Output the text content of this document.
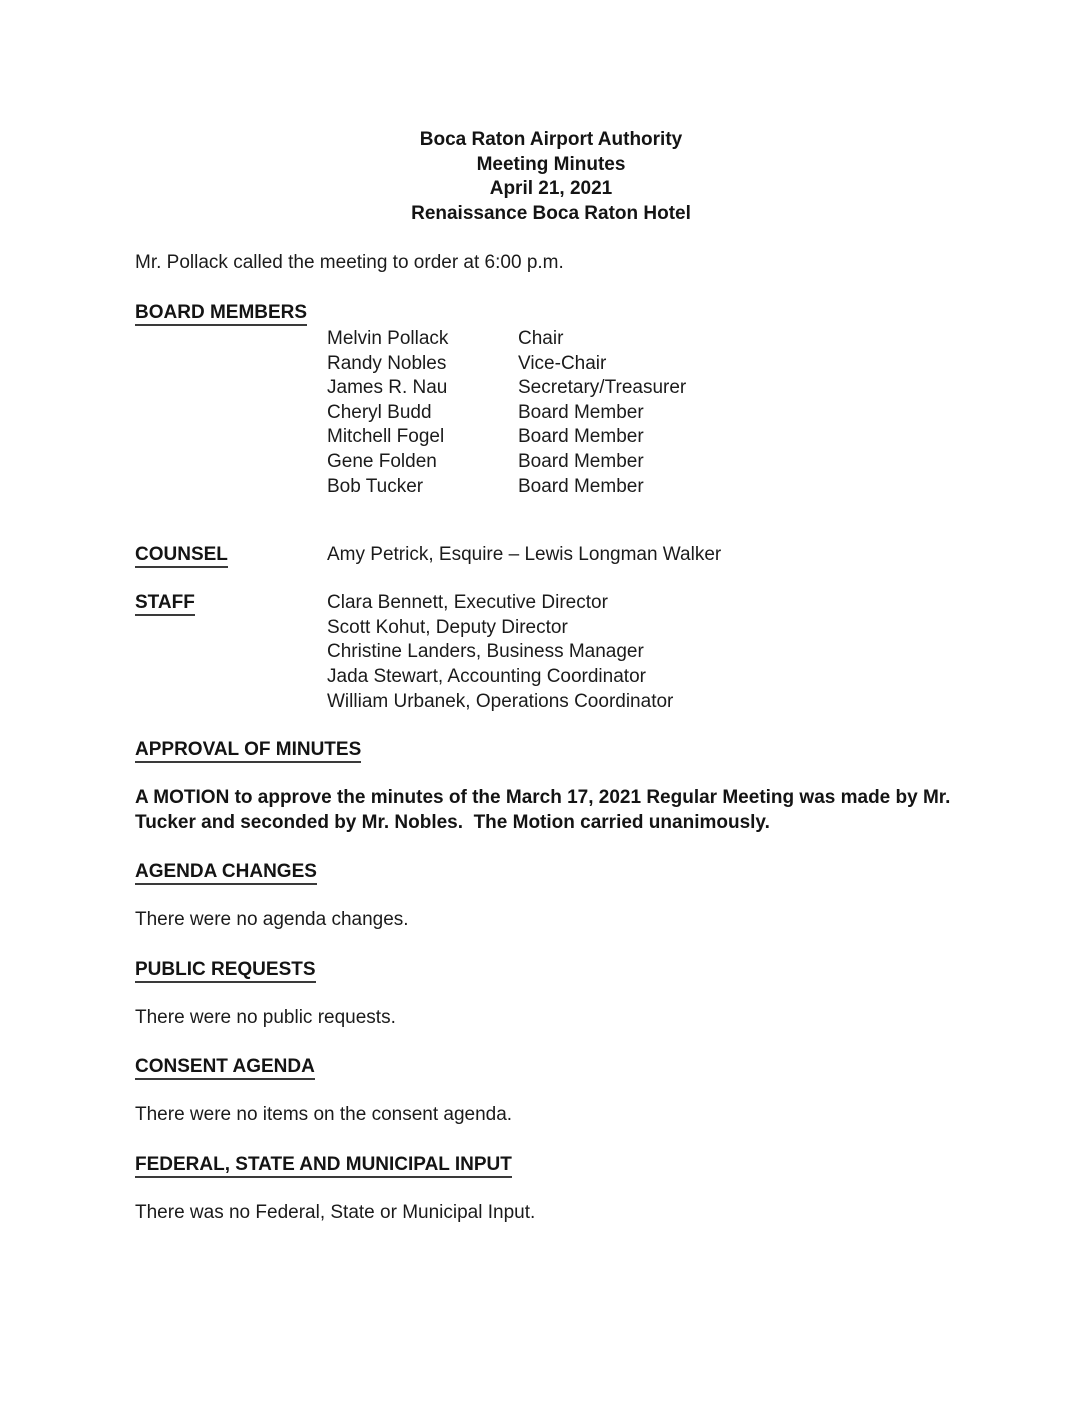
Boca Raton Airport Authority
Meeting Minutes
April 21, 2021
Renaissance Boca Raton Hotel

Mr. Pollack called the meeting to order at 6:00 p.m.

BOARD MEMBERS
Melvin Pollack	Chair
Randy Nobles	Vice-Chair
James R. Nau	Secretary/Treasurer
Cheryl Budd	Board Member
Mitchell Fogel	Board Member
Gene Folden	Board Member
Bob Tucker	Board Member
COUNSEL	Amy Petrick, Esquire – Lewis Longman Walker
STAFF	Clara Bennett, Executive Director
Scott Kohut, Deputy Director
Christine Landers, Business Manager
Jada Stewart, Accounting Coordinator
William Urbanek, Operations Coordinator
APPROVAL OF MINUTES

A MOTION to approve the minutes of the March 17, 2021 Regular Meeting was made by Mr. Tucker and seconded by Mr. Nobles.  The Motion carried unanimously.

AGENDA CHANGES

There were no agenda changes.

PUBLIC REQUESTS

There were no public requests.

CONSENT AGENDA

There were no items on the consent agenda.

FEDERAL, STATE AND MUNICIPAL INPUT

There was no Federal, State or Municipal Input.
